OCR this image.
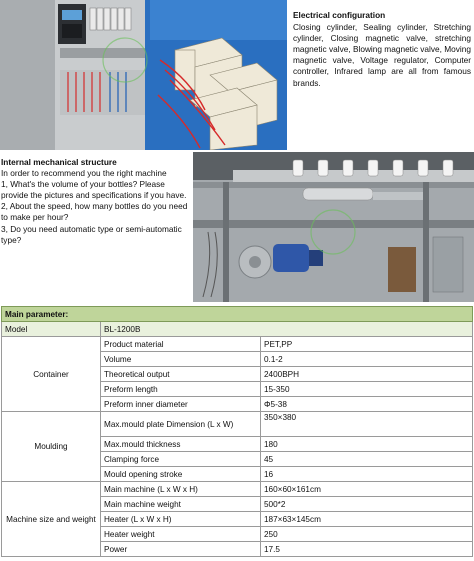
Electrical configuration
Closing cylinder, Sealing cylinder, Stretching cylinder, Closing magnetic valve, stretching magnetic valve, Blowing magnetic valve, Moving magnetic valve, Voltage regulator, Computer controller, Infrared lamp are all from famous brands.
Internal mechanical structure
In order to recommend you the right machine
1, What's the volume of your bottles? Please provide the pictures and specifications if you have.
2, About the speed, how many bottles do you need to make per hour?
3, Do you need automatic type or semi-automatic type?
Main parameter:		
Model	BL-1200B	
Container	Product material	PET,PP
	Volume	0.1-2
	Theoretical output	2400BPH
	Preform length	15-350
	Preform inner diameter	Φ5-38
Moulding	Max.mould plate Dimension (L x W)	350×380
	Max.mould thickness	180
	Clamping force	45
	Mould opening stroke	16
Machine size and weight	Main machine (L x W x H)	160×60×161cm
	Main machine weight	500*2
	Heater (L x W x H)	187×63×145cm
	Heater weight	250
	Power	17.5
